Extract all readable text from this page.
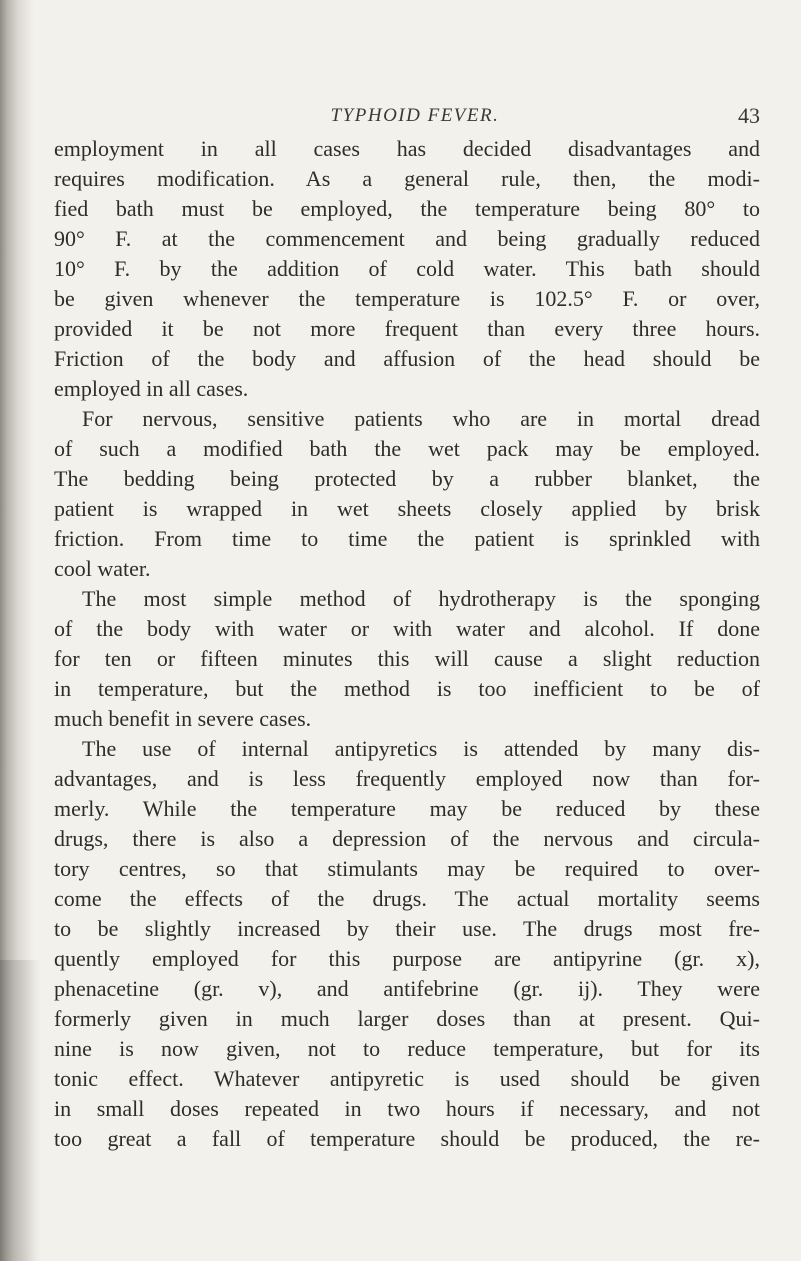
TYPHOID FEVER.	43
employment in all cases has decided disadvantages and
requires modification. As a general rule, then, the modi-
fied bath must be employed, the temperature being 80° to
90° F. at the commencement and being gradually reduced
10° F. by the addition of cold water. This bath should
be given whenever the temperature is 102.5° F. or over,
provided it be not more frequent than every three hours.
Friction of the body and affusion of the head should be
employed in all cases.
For nervous, sensitive patients who are in mortal dread
of such a modified bath the wet pack may be employed.
The bedding being protected by a rubber blanket, the
patient is wrapped in wet sheets closely applied by brisk
friction. From time to time the patient is sprinkled with
cool water.
The most simple method of hydrotherapy is the sponging
of the body with water or with water and alcohol. If done
for ten or fifteen minutes this will cause a slight reduction
in temperature, but the method is too inefficient to be of
much benefit in severe cases.
The use of internal antipyretics is attended by many dis-
advantages, and is less frequently employed now than for-
merly. While the temperature may be reduced by these
drugs, there is also a depression of the nervous and circula-
tory centres, so that stimulants may be required to over-
come the effects of the drugs. The actual mortality seems
to be slightly increased by their use. The drugs most fre-
quently employed for this purpose are antipyrine (gr. x),
phenacetine (gr. v), and antifebrine (gr. ij). They were
formerly given in much larger doses than at present. Qui-
nine is now given, not to reduce temperature, but for its
tonic effect. Whatever antipyretic is used should be given
in small doses repeated in two hours if necessary, and not
too great a fall of temperature should be produced, the re-
